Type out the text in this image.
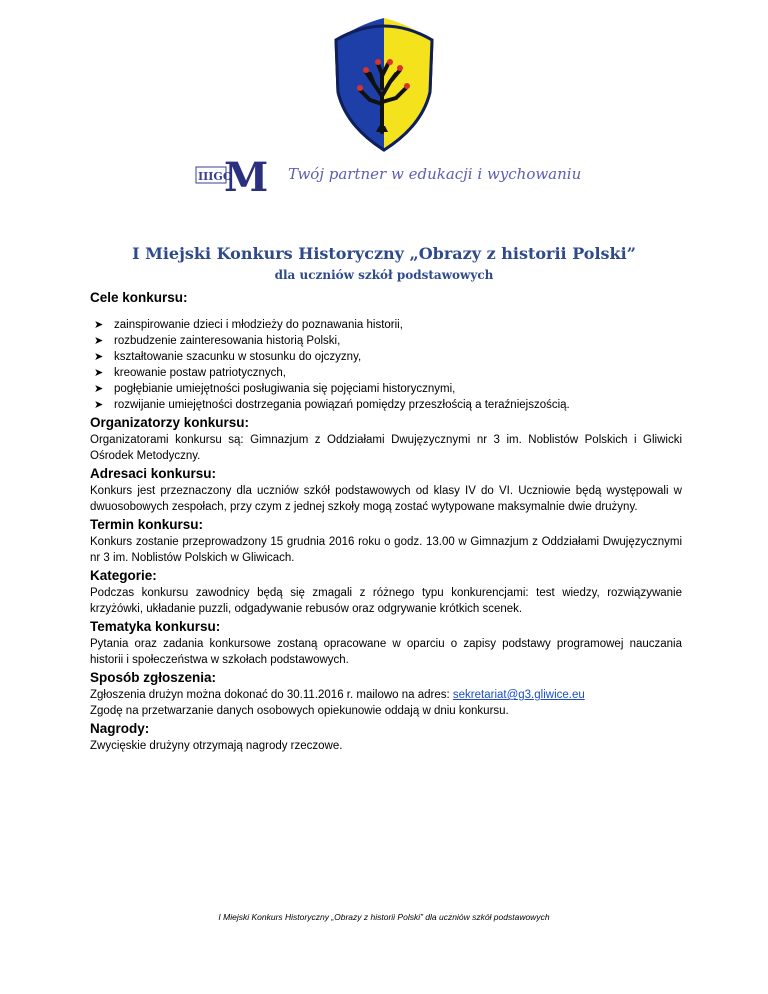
IIIGO
M Twój partner w edukacji i wychowaniu
I Miejski Konkurs Historyczny „Obrazy z historii Polski”
dla uczniów szkół podstawowych
Cele konkursu:
➤ zainspirowanie dzieci i młodzieży do poznawania historii,
➤ rozbudzenie zainteresowania historią Polski,
➤ kształtowanie szacunku w stosunku do ojczyzny,
➤ kreowanie postaw patriotycznych,
➤ pogłębianie umiejętności posługiwania się pojęciami historycznymi,
➤ rozwijanie umiejętności dostrzegania powiązań pomiędzy przeszłością a teraźniejszością.
Organizatorzy konkursu:

Organizatorami konkursu są: Gimnazjum z Oddziałami Dwujęzycznymi nr 3 im. Noblistów Polskich i Gliwicki Ośrodek Metodyczny.

Adresaci konkursu:

Konkurs jest przeznaczony dla uczniów szkół podstawowych od klasy IV do VI. Uczniowie będą występowali w dwuosobowych zespołach, przy czym z jednej szkoły mogą zostać wytypowane maksymalnie dwie drużyny.

Termin konkursu:

Konkurs zostanie przeprowadzony 15 grudnia 2016 roku o godz. 13.00 w Gimnazjum z Oddziałami Dwujęzycznymi nr 3 im. Noblistów Polskich w Gliwicach.

Kategorie:

Podczas konkursu zawodnicy będą się zmagali z różnego typu konkurencjami: test wiedzy, rozwiązywanie krzyżówki, układanie puzzli, odgadywanie rebusów oraz odgrywanie krótkich scenek.

Tematyka konkursu:

Pytania oraz zadania konkursowe zostaną opracowane w oparciu o zapisy podstawy programowej nauczania historii i społeczeństwa w szkołach podstawowych.

Sposób zgłoszenia:

Zgłoszenia drużyn można dokonać do 30.11.2016 r. mailowo na adres: sekretariat@g3.gliwice.eu

Zgodę na przetwarzanie danych osobowych opiekunowie oddają w dniu konkursu.

Nagrody:

Zwycięskie drużyny otrzymają nagrody rzeczowe.

I Miejski Konkurs Historyczny „Obrazy z historii Polski” dla uczniów szkół podstawowych
